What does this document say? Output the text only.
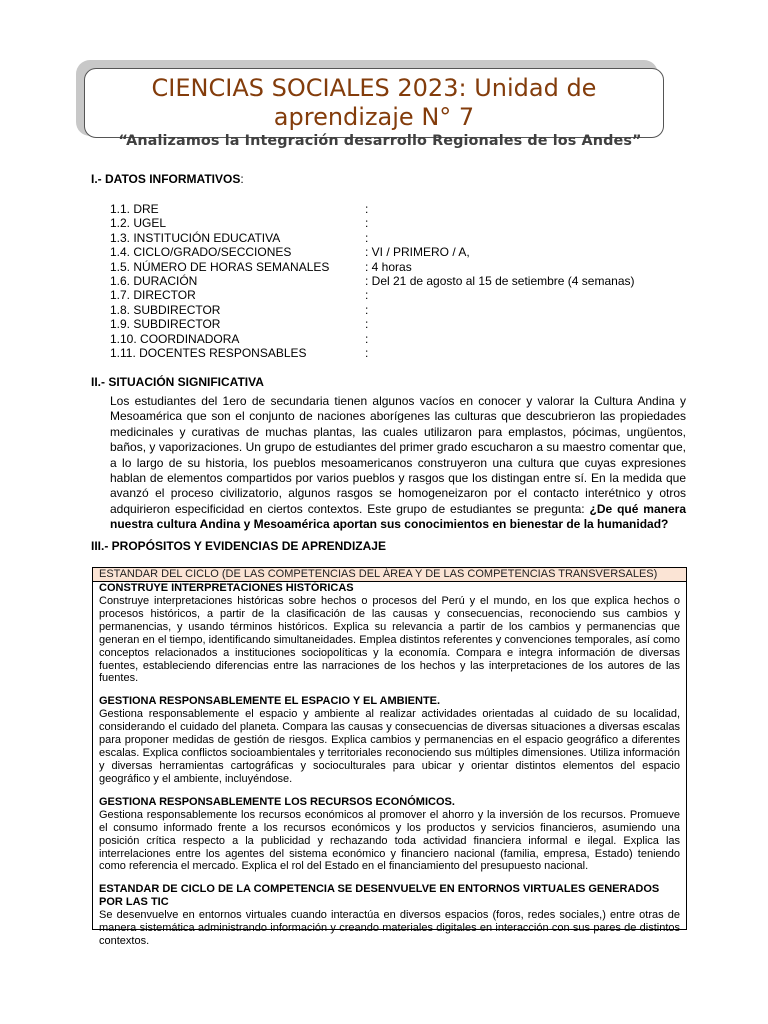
CIENCIAS SOCIALES 2023: Unidad de aprendizaje N° 7
“Analizamos la Integración desarrollo Regionales de los Andes”
I.- DATOS INFORMATIVOS:
1.1. DRE	:
1.2. UGEL	:
1.3. INSTITUCIÓN EDUCATIVA	:
1.4. CICLO/GRADO/SECCIONES	: VI / PRIMERO / A,
1.5. NÚMERO DE HORAS SEMANALES	: 4 horas
1.6. DURACIÓN	: Del 21 de agosto al 15 de setiembre (4 semanas)
1.7. DIRECTOR	:
1.8. SUBDIRECTOR	:
1.9. SUBDIRECTOR	:
1.10. COORDINADORA	:
1.11. DOCENTES RESPONSABLES	:
II.- SITUACIÓN SIGNIFICATIVA

Los estudiantes del 1ero de secundaria tienen algunos vacíos en conocer y valorar la Cultura Andina y Mesoamérica que son el conjunto de naciones aborígenes las culturas que descubrieron las propiedades medicinales y curativas de muchas plantas, las cuales utilizaron para emplastos, pócimas, ungüentos, baños, y vaporizaciones. Un grupo de estudiantes del primer grado escucharon a su maestro comentar que, a lo largo de su historia, los pueblos mesoamericanos construyeron una cultura que cuyas expresiones hablan de elementos compartidos por varios pueblos y rasgos que los distingan entre sí. En la medida que avanzó el proceso civilizatorio, algunos rasgos se homogeneizaron por el contacto interétnico y otros adquirieron especificidad en ciertos contextos. Este grupo de estudiantes se pregunta: ¿De qué manera nuestra cultura Andina y Mesoamérica aportan sus conocimientos en bienestar de la humanidad?

III.- PROPÓSITOS Y EVIDENCIAS DE APRENDIZAJE
ESTANDAR DEL CICLO (DE LAS COMPETENCIAS DEL ÁREA Y DE LAS COMPETENCIAS TRANSVERSALES)

CONSTRUYE INTERPRETACIONES HISTÓRICAS

Construye interpretaciones históricas sobre hechos o procesos del Perú y el mundo, en los que explica hechos o procesos históricos, a partir de la clasificación de las causas y consecuencias, reconociendo sus cambios y permanencias, y usando términos históricos. Explica su relevancia a partir de los cambios y permanencias que generan en el tiempo, identificando simultaneidades. Emplea distintos referentes y convenciones temporales, así como conceptos relacionados a instituciones sociopolíticas y la economía. Compara e integra información de diversas fuentes, estableciendo diferencias entre las narraciones de los hechos y las interpretaciones de los autores de las fuentes.

GESTIONA RESPONSABLEMENTE EL ESPACIO Y EL AMBIENTE.

Gestiona responsablemente el espacio y ambiente al realizar actividades orientadas al cuidado de su localidad, considerando el cuidado del planeta. Compara las causas y consecuencias de diversas situaciones a diversas escalas para proponer medidas de gestión de riesgos. Explica cambios y permanencias en el espacio geográfico a diferentes escalas. Explica conflictos socioambientales y territoriales reconociendo sus múltiples dimensiones. Utiliza información y diversas herramientas cartográficas y socioculturales para ubicar y orientar distintos elementos del espacio geográfico y el ambiente, incluyéndose.

GESTIONA RESPONSABLEMENTE LOS RECURSOS ECONÓMICOS.

Gestiona responsablemente los recursos económicos al promover el ahorro y la inversión de los recursos. Promueve el consumo informado frente a los recursos económicos y los productos y servicios financieros, asumiendo una posición crítica respecto a la publicidad y rechazando toda actividad financiera informal e ilegal. Explica las interrelaciones entre los agentes del sistema económico y financiero nacional (familia, empresa, Estado) teniendo como referencia el mercado. Explica el rol del Estado en el financiamiento del presupuesto nacional.

ESTANDAR DE CICLO DE LA COMPETENCIA SE DESENVUELVE EN ENTORNOS VIRTUALES GENERADOS POR LAS TIC

Se desenvuelve en entornos virtuales cuando interactúa en diversos espacios (foros, redes sociales,) entre otras de manera sistemática administrando información y creando materiales digitales en interacción con sus pares de distintos contextos.
